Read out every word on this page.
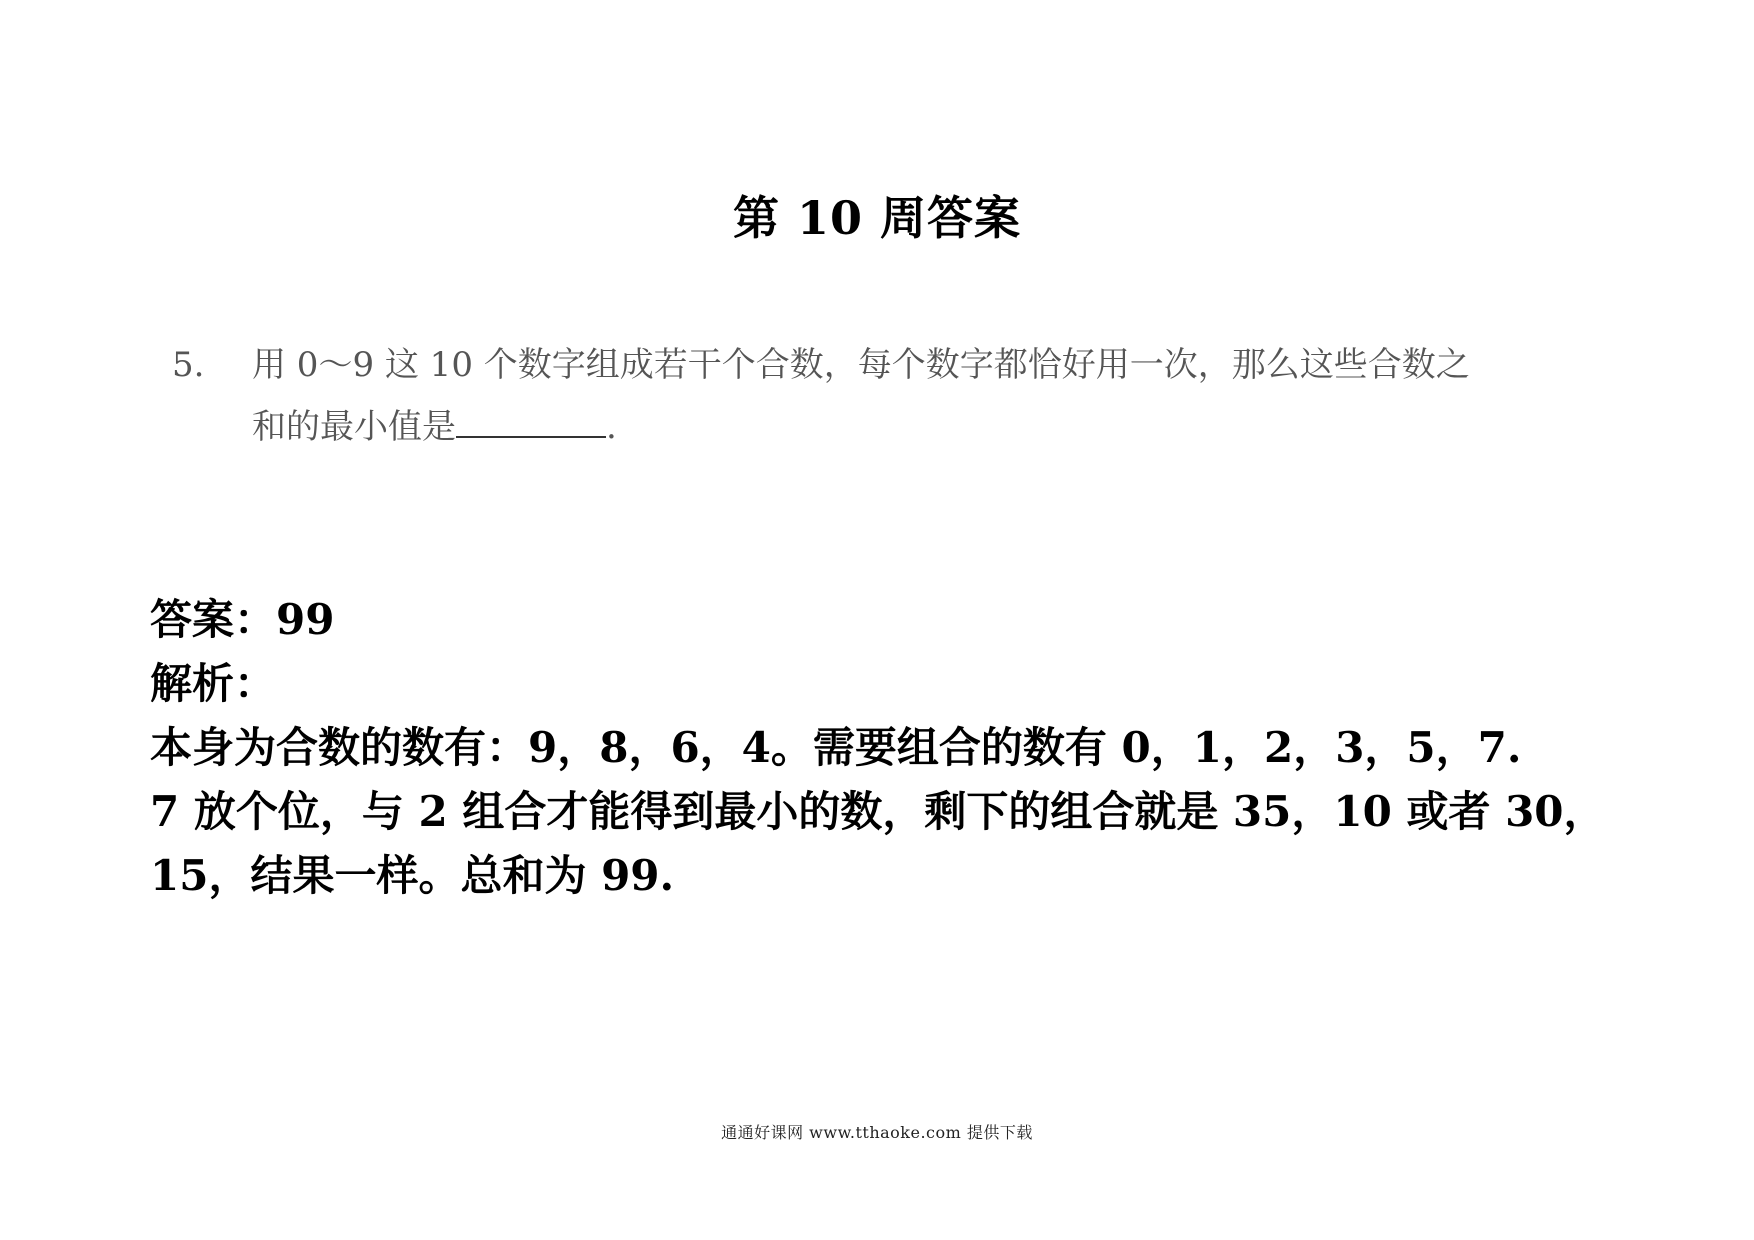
第 10 周答案
5. 用 0～9 这 10 个数字组成若干个合数，每个数字都恰好用一次，那么这些合数之
和的最小值是	.

答案：99

解析：

本身为合数的数有：9，8，6，4。需要组合的数有 0，1，2，3，5，7.

7 放个位，与 2 组合才能得到最小的数，剩下的组合就是 35，10 或者 30，

15，结果一样。总和为 99.

通通好课网 www.tthaoke.com 提供下载
